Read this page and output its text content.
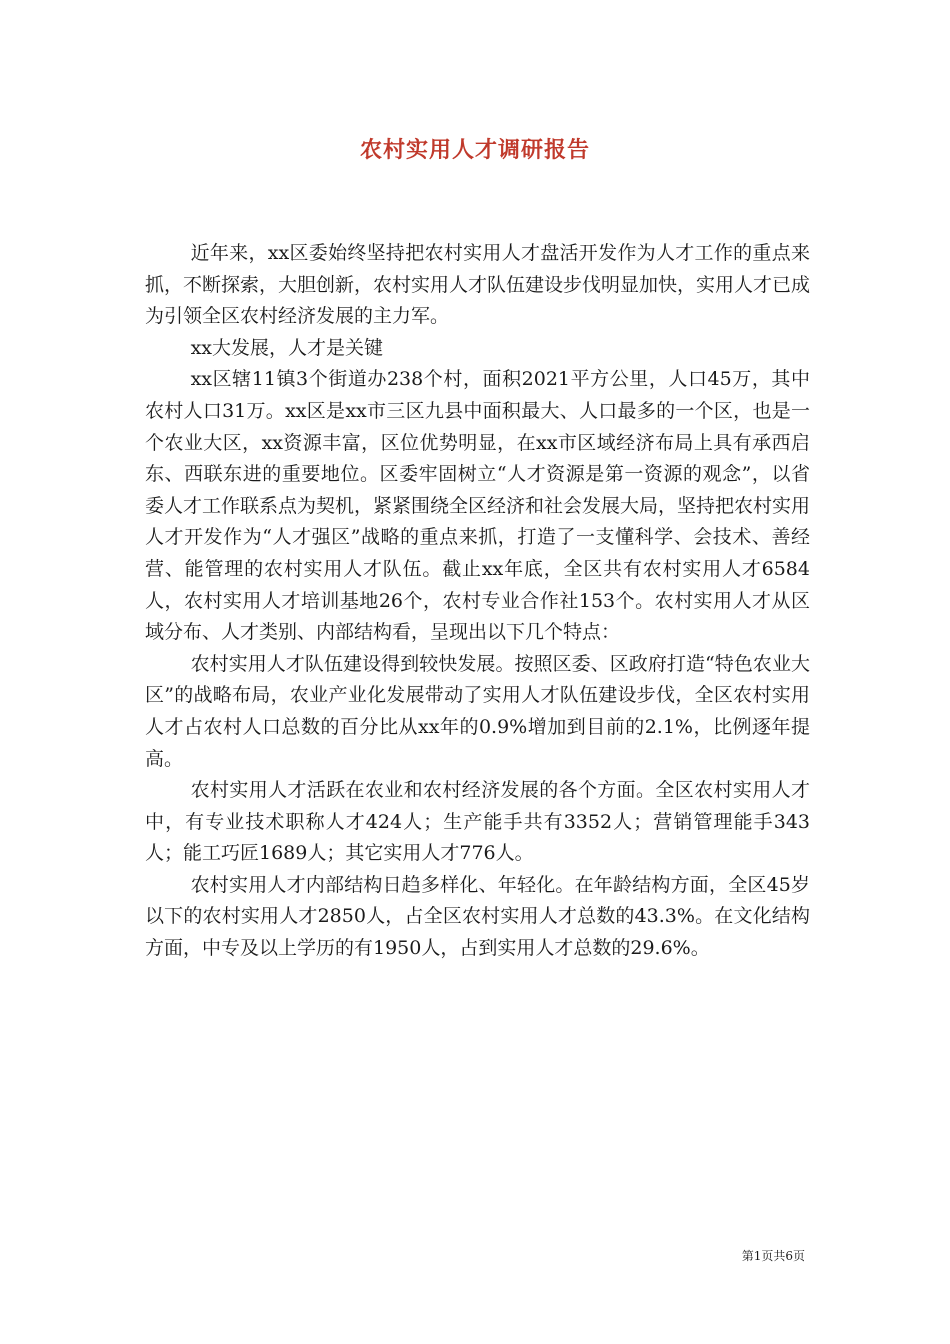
农村实用人才调研报告

近年来，xx区委始终坚持把农村实用人才盘活开发作为人才工作的重点来抓，不断探索，大胆创新，农村实用人才队伍建设步伐明显加快，实用人才已成为引领全区农村经济发展的主力军。

xx大发展，人才是关键

xx区辖11镇3个街道办238个村，面积2021平方公里，人口45万，其中农村人口31万。xx区是xx市三区九县中面积最大、人口最多的一个区，也是一个农业大区，xx资源丰富，区位优势明显，在xx市区域经济布局上具有承西启东、西联东进的重要地位。区委牢固树立“人才资源是第一资源的观念”，以省委人才工作联系点为契机，紧紧围绕全区经济和社会发展大局，坚持把农村实用人才开发作为“人才强区”战略的重点来抓，打造了一支懂科学、会技术、善经营、能管理的农村实用人才队伍。截止xx年底，全区共有农村实用人才6584人，农村实用人才培训基地26个，农村专业合作社153个。农村实用人才从区域分布、人才类别、内部结构看，呈现出以下几个特点：

农村实用人才队伍建设得到较快发展。按照区委、区政府打造“特色农业大区”的战略布局，农业产业化发展带动了实用人才队伍建设步伐，全区农村实用人才占农村人口总数的百分比从xx年的0.9%增加到目前的2.1%，比例逐年提高。

农村实用人才活跃在农业和农村经济发展的各个方面。全区农村实用人才中，有专业技术职称人才424人；生产能手共有3352人；营销管理能手343人；能工巧匠1689人；其它实用人才776人。

农村实用人才内部结构日趋多样化、年轻化。在年龄结构方面，全区45岁以下的农村实用人才2850人，占全区农村实用人才总数的43.3%。在文化结构方面，中专及以上学历的有1950人，占到实用人才总数的29.6%。

第1页共6页
